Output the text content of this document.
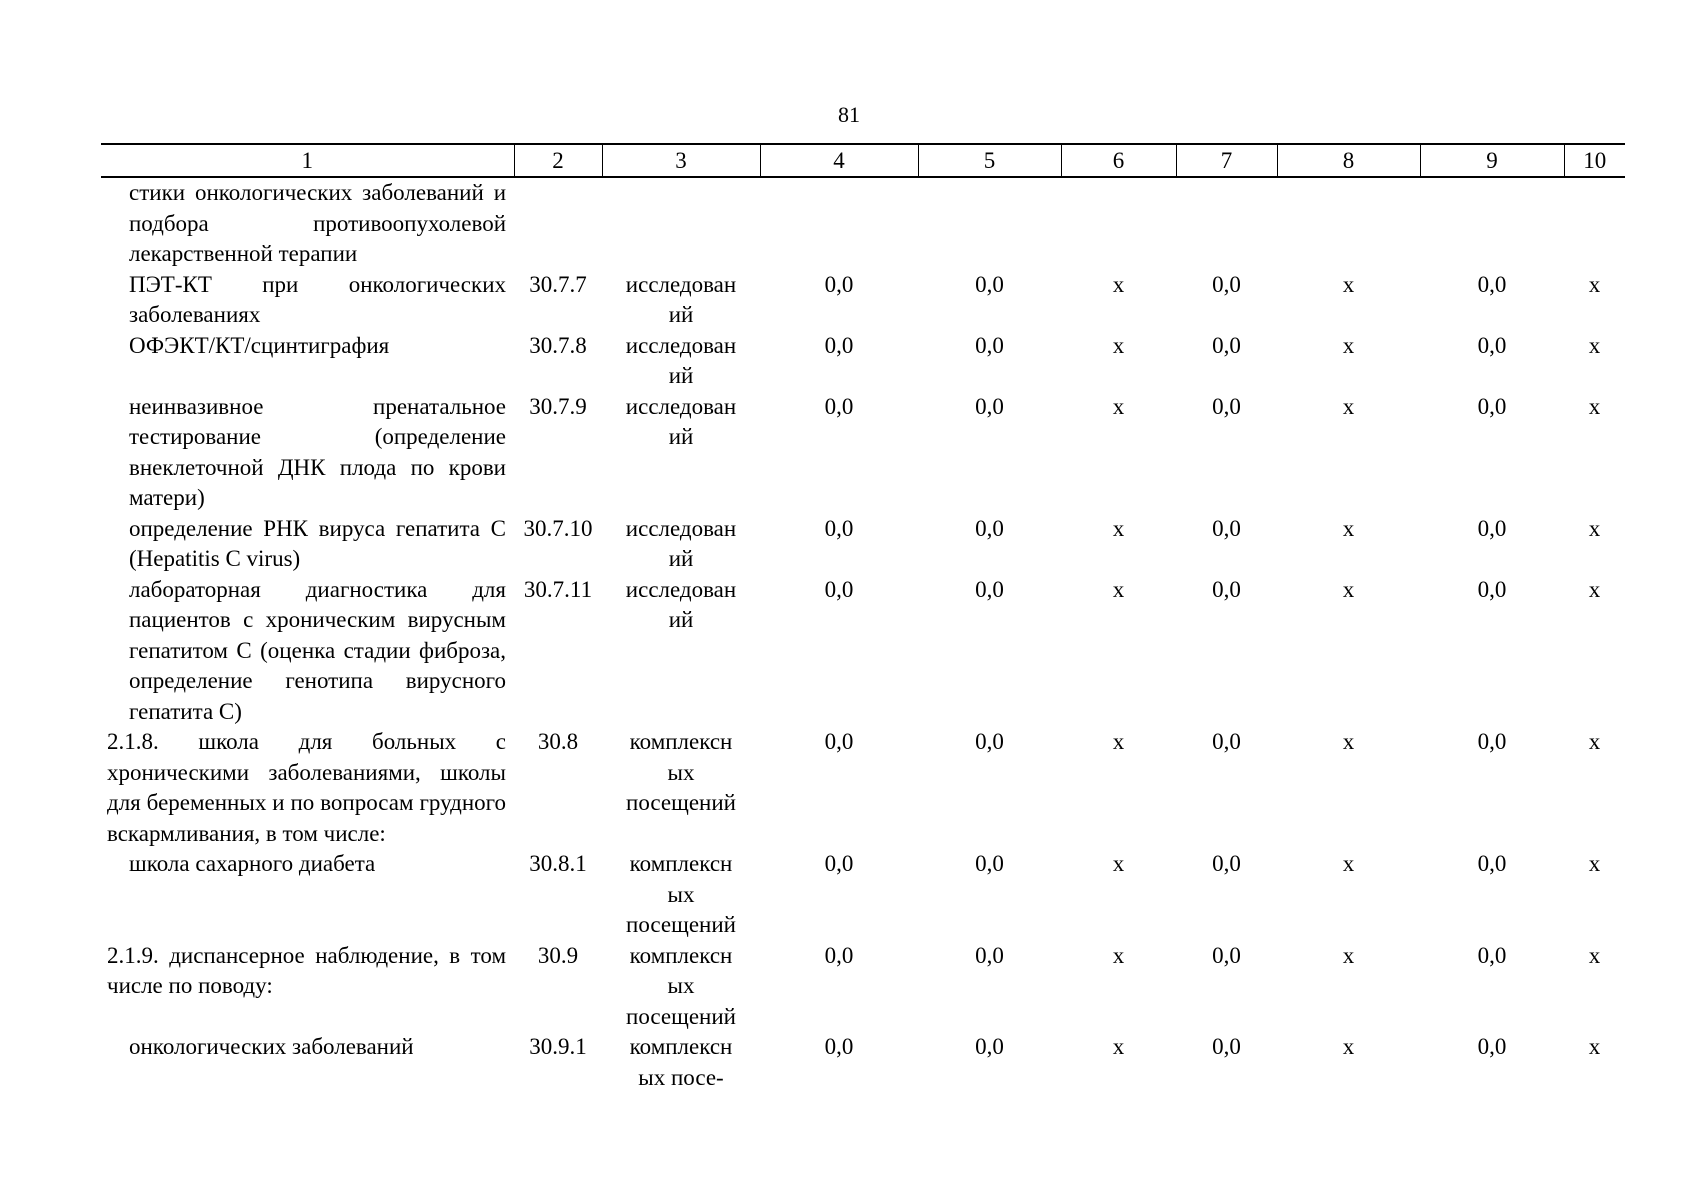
81
1	2	3	4	5	6	7	8	9	10

стики онкологических заболеваний и подбора противоопухолевой лекарственной терапии									

ПЭТ-КТ при онкологических заболеваниях	30.7.7	исследований	0,0	0,0	х	0,0	х	0,0	х

ОФЭКТ/КТ/сцинтиграфия	30.7.8	исследований	0,0	0,0	х	0,0	х	0,0	х

неинвазивное пренатальное тестирование (определение внеклеточной ДНК плода по крови матери)	30.7.9	исследований	0,0	0,0	х	0,0	х	0,0	х

определение РНК вируса гепатита С (Hepatitis C virus)	30.7.10	исследований	0,0	0,0	х	0,0	х	0,0	х

лабораторная диагностика для пациентов с хроническим вирусным гепатитом С (оценка стадии фиброза, определение генотипа вирусного гепатита С)	30.7.11	исследований	0,0	0,0	х	0,0	х	0,0	х

2.1.8. школа для больных с хроническими заболеваниями, школы для беременных и по вопросам грудного вскармливания, в том числе:	30.8	комплексных посещений	0,0	0,0	х	0,0	х	0,0	х

школа сахарного диабета	30.8.1	комплексных посещений	0,0	0,0	х	0,0	х	0,0	х

2.1.9. диспансерное наблюдение, в том числе по поводу:	30.9	комплексных посещений	0,0	0,0	х	0,0	х	0,0	х

онкологических заболеваний	30.9.1	комплексных посе-	0,0	0,0	х	0,0	х	0,0	х
